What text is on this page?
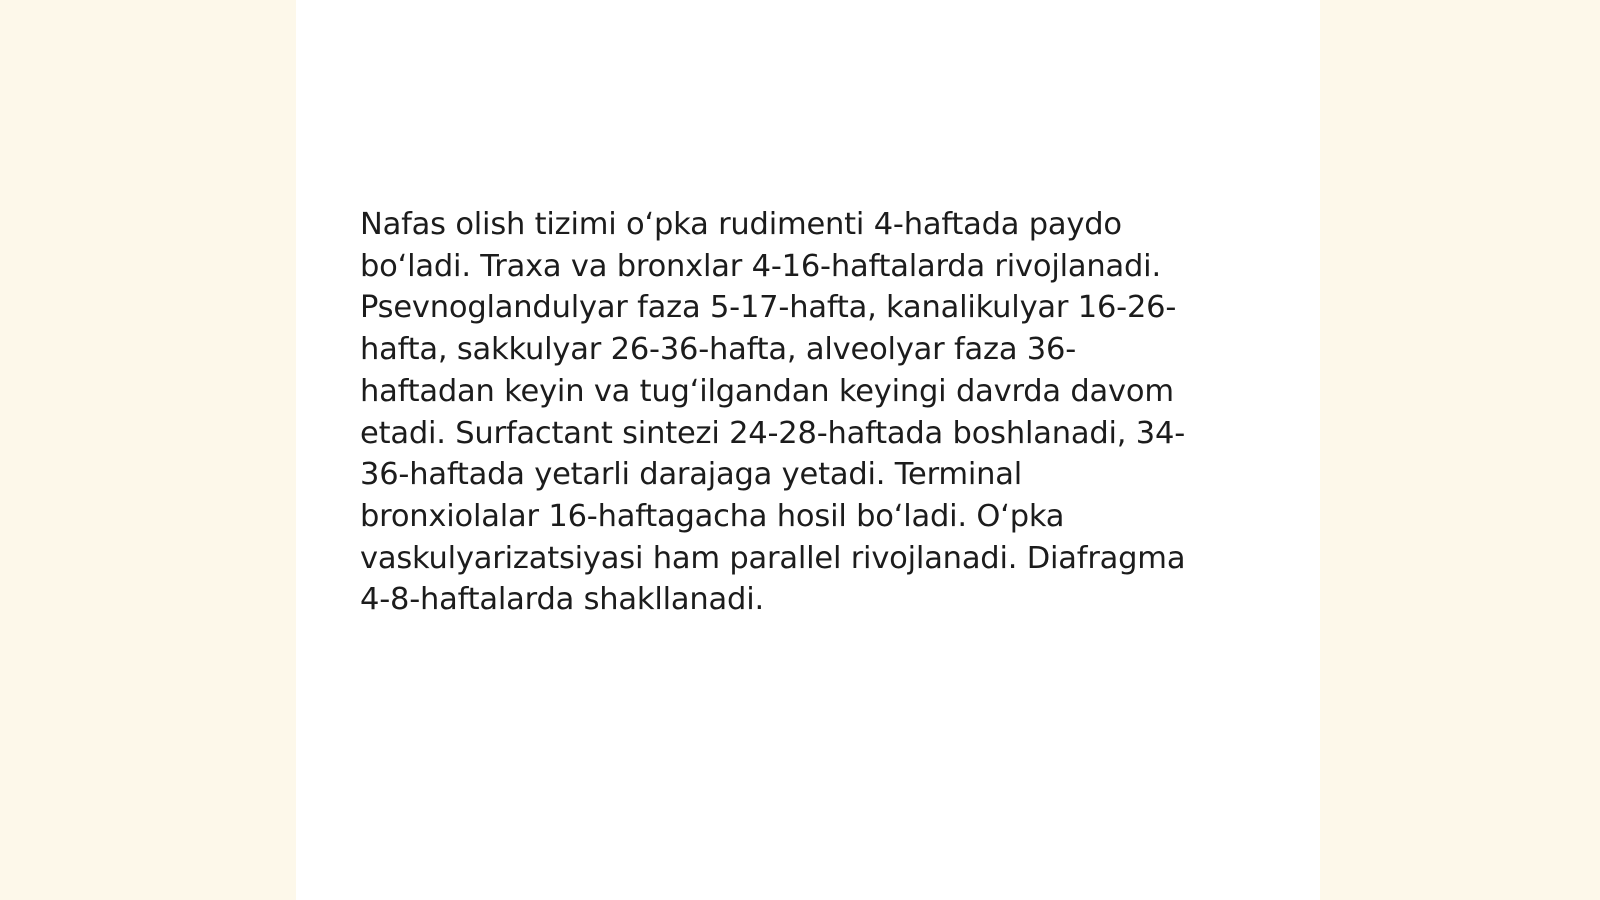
Nafas olish tizimi o‘pka rudimenti 4-haftada paydo
bo‘ladi. Traxa va bronxlar 4-16-haftalarda rivojlanadi.
Psevnoglandulyar faza 5-17-hafta, kanalikulyar 16-26-
hafta, sakkulyar 26-36-hafta, alveolyar faza 36-
haftadan keyin va tug‘ilgandan keyingi davrda davom
etadi. Surfactant sintezi 24-28-haftada boshlanadi, 34-
36-haftada yetarli darajaga yetadi. Terminal
bronxiolalar 16-haftagacha hosil bo‘ladi. O‘pka
vaskulyarizatsiyasi ham parallel rivojlanadi. Diafragma
4-8-haftalarda shakllanadi.
